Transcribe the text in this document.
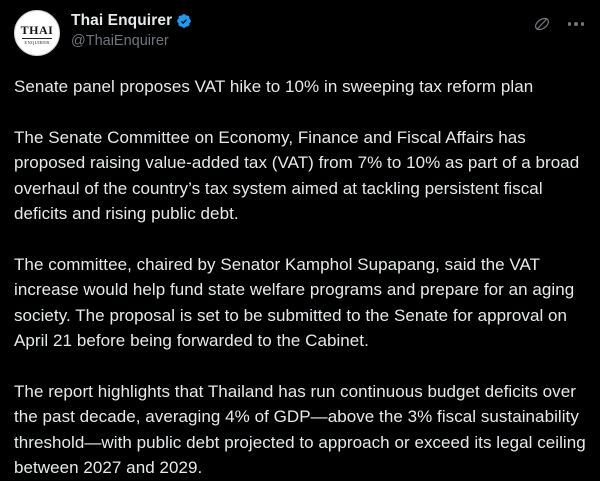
THAI
ENQUIRER
Thai Enquirer
@ThaiEnquirer

Senate panel proposes VAT hike to 10% in sweeping tax reform plan

The Senate Committee on Economy, Finance and Fiscal Affairs has proposed raising value-added tax (VAT) from 7% to 10% as part of a broad overhaul of the country’s tax system aimed at tackling persistent fiscal deficits and rising public debt.

The committee, chaired by Senator Kamphol Supapang, said the VAT increase would help fund state welfare programs and prepare for an aging society. The proposal is set to be submitted to the Senate for approval on April 21 before being forwarded to the Cabinet.

The report highlights that Thailand has run continuous budget deficits over the past decade, averaging 4% of GDP—above the 3% fiscal sustainability threshold—with public debt projected to approach or exceed its legal ceiling between 2027 and 2029.
